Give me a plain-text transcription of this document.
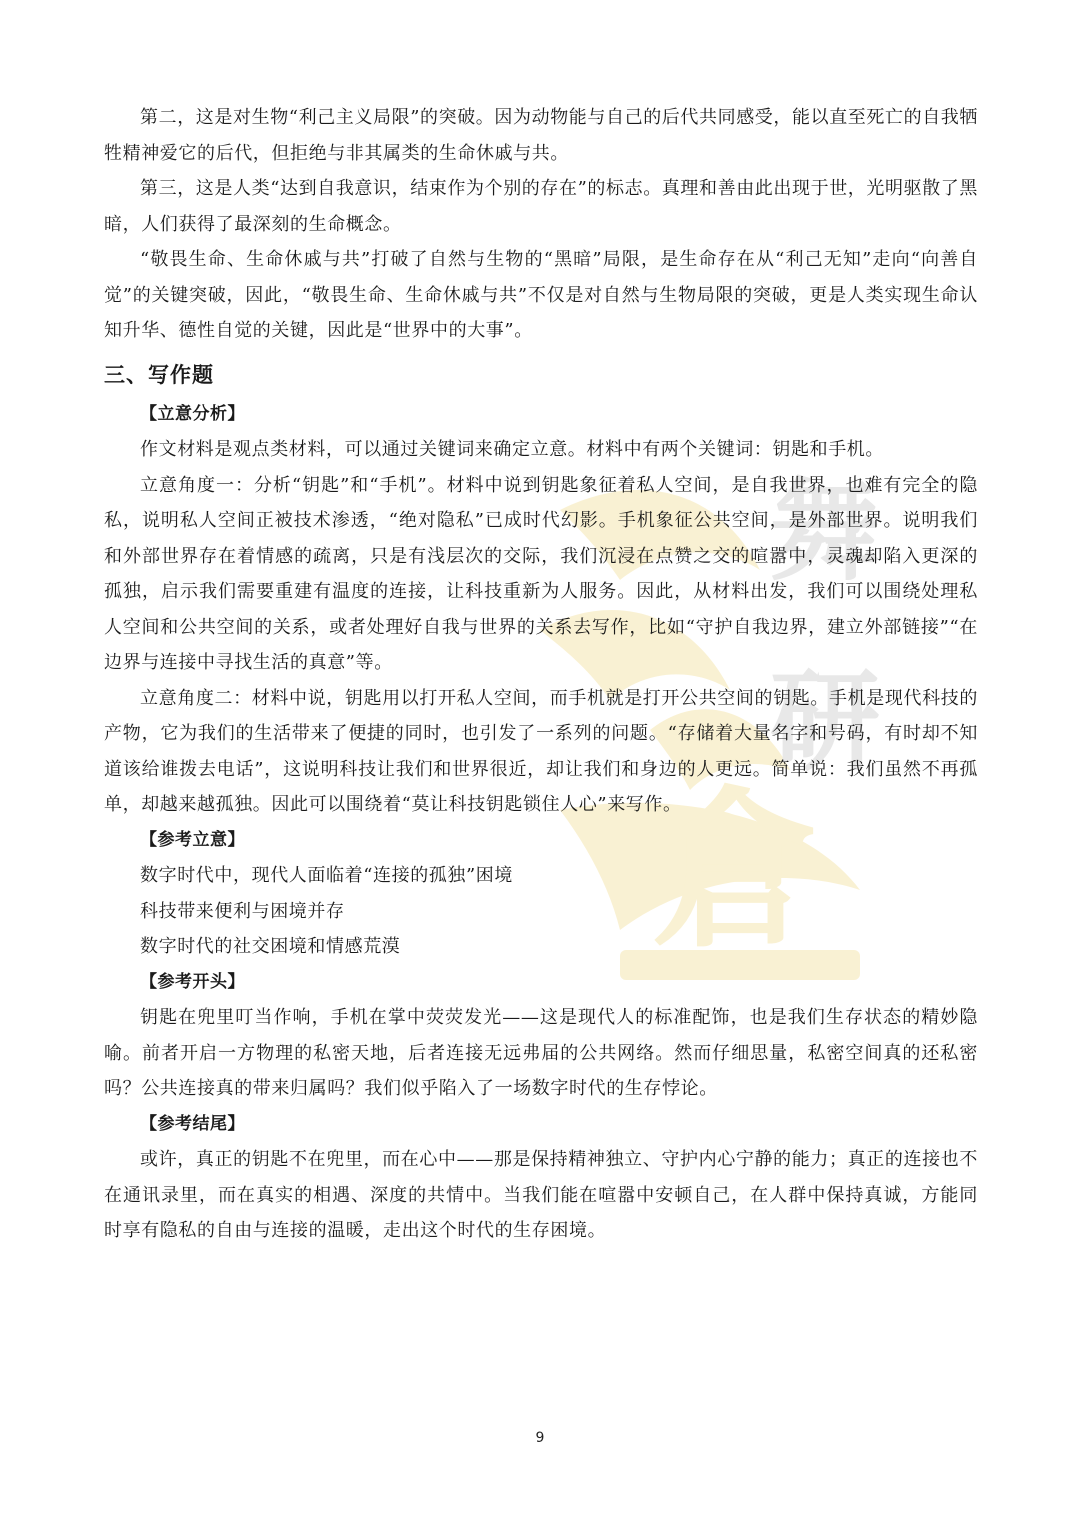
舞
研
倉

第二，这是对生物“利己主义局限”的突破。因为动物能与自己的后代共同感受，能以直至死亡的自我牺牲精神爱它的后代，但拒绝与非其属类的生命休戚与共。

第三，这是人类“达到自我意识，结束作为个别的存在”的标志。真理和善由此出现于世，光明驱散了黑暗，人们获得了最深刻的生命概念。

“敬畏生命、生命休戚与共”打破了自然与生物的“黑暗”局限，是生命存在从“利己无知”走向“向善自觉”的关键突破，因此，“敬畏生命、生命休戚与共”不仅是对自然与生物局限的突破，更是人类实现生命认知升华、德性自觉的关键，因此是“世界中的大事”。

三、写作题
【立意分析】

作文材料是观点类材料，可以通过关键词来确定立意。材料中有两个关键词：钥匙和手机。

立意角度一：分析“钥匙”和“手机”。材料中说到钥匙象征着私人空间，是自我世界，也难有完全的隐私，说明私人空间正被技术渗透，“绝对隐私”已成时代幻影。手机象征公共空间，是外部世界。说明我们和外部世界存在着情感的疏离，只是有浅层次的交际，我们沉浸在点赞之交的喧嚣中，灵魂却陷入更深的孤独，启示我们需要重建有温度的连接，让科技重新为人服务。因此，从材料出发，我们可以围绕处理私人空间和公共空间的关系，或者处理好自我与世界的关系去写作，比如“守护自我边界，建立外部链接”“在边界与连接中寻找生活的真意”等。

立意角度二：材料中说，钥匙用以打开私人空间，而手机就是打开公共空间的钥匙。手机是现代科技的产物，它为我们的生活带来了便捷的同时，也引发了一系列的问题。“存储着大量名字和号码，有时却不知道该给谁拨去电话”，这说明科技让我们和世界很近，却让我们和身边的人更远。简单说：我们虽然不再孤单，却越来越孤独。因此可以围绕着“莫让科技钥匙锁住人心”来写作。

【参考立意】

数字时代中，现代人面临着“连接的孤独”困境

科技带来便利与困境并存

数字时代的社交困境和情感荒漠

【参考开头】

钥匙在兜里叮当作响，手机在掌中荧荧发光——这是现代人的标准配饰，也是我们生存状态的精妙隐喻。前者开启一方物理的私密天地，后者连接无远弗届的公共网络。然而仔细思量，私密空间真的还私密吗？公共连接真的带来归属吗？我们似乎陷入了一场数字时代的生存悖论。

【参考结尾】

或许，真正的钥匙不在兜里，而在心中——那是保持精神独立、守护内心宁静的能力；真正的连接也不在通讯录里，而在真实的相遇、深度的共情中。当我们能在喧嚣中安顿自己，在人群中保持真诚，方能同时享有隐私的自由与连接的温暖，走出这个时代的生存困境。

9
